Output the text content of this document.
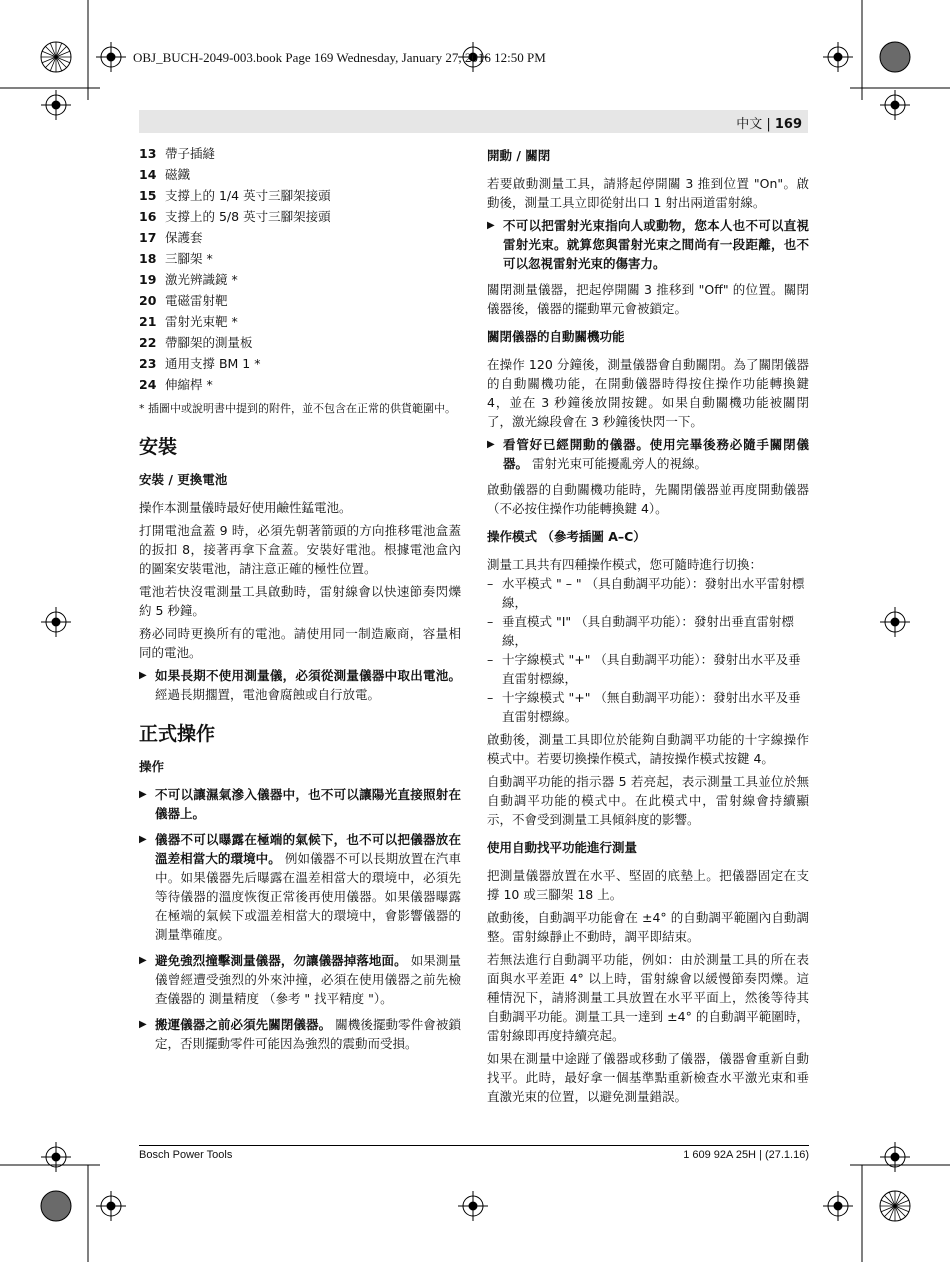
OBJ_BUCH-2049-003.book Page 169 Wednesday, January 27, 2016 12:50 PM
中文 | 169
13 帶子插縫
14 磁鐵
15 支撐上的 1/4 英寸三腳架接頭
16 支撐上的 5/8 英寸三腳架接頭
17 保護套
18 三腳架 *
19 激光辨識鏡 *
20 電磁雷射靶
21 雷射光束靶 *
22 帶腳架的測量板
23 通用支撐 BM 1 *
24 伸縮桿 *
* 插圖中或說明書中提到的附件，並不包含在正常的供貨範圍中。
安裝
安裝 / 更換電池
操作本測量儀時最好使用鹼性錳電池。
打開電池盒蓋 9 時，必須先朝著箭頭的方向推移電池盒蓋的扳扣 8，接著再拿下盒蓋。安裝好電池。根據電池盒內的圖案安裝電池，請注意正確的極性位置。
電池若快沒電測量工具啟動時，雷射線會以快速節奏閃爍約 5 秒鐘。
務必同時更換所有的電池。請使用同一制造廠商，容量相同的電池。
▶ 如果長期不使用測量儀，必須從測量儀器中取出電池。 經過長期擱置，電池會腐蝕或自行放電。
正式操作
操作
▶ 不可以讓濕氣滲入儀器中，也不可以讓陽光直接照射在儀器上。
▶ 儀器不可以曝露在極端的氣候下，也不可以把儀器放在溫差相當大的環境中。 例如儀器不可以長期放置在汽車中。如果儀器先后曝露在溫差相當大的環境中，必須先等待儀器的溫度恢復正常後再使用儀器。如果儀器曝露在極端的氣候下或溫差相當大的環境中，會影響儀器的測量準確度。
▶ 避免強烈撞擊測量儀器，勿讓儀器掉落地面。 如果測量儀曾經遭受強烈的外來沖撞，必須在使用儀器之前先檢查儀器的 測量精度 （參考 " 找平精度 "）。
▶ 搬運儀器之前必須先關閉儀器。 關機後擺動零件會被鎖定，否則擺動零件可能因為強烈的震動而受損。
開動 / 關閉
若要啟動測量工具，請將起停開關 3 推到位置 "On"。啟動後，測量工具立即從射出口 1 射出兩道雷射線。
▶ 不可以把雷射光束指向人或動物，您本人也不可以直視雷射光束。就算您與雷射光束之間尚有一段距離，也不可以忽視雷射光束的傷害力。
關閉測量儀器，把起停開關 3 推移到 "Off" 的位置。關閉儀器後，儀器的擺動單元會被鎖定。
關閉儀器的自動關機功能
在操作 120 分鐘後，測量儀器會自動關閉。為了關閉儀器的自動關機功能，在開動儀器時得按住操作功能轉換鍵 4，並在 3 秒鐘後放開按鍵。如果自動關機功能被關閉了，激光線段會在 3 秒鐘後快閃一下。
▶ 看管好已經開動的儀器。使用完畢後務必隨手關閉儀器。 雷射光束可能擾亂旁人的視線。
啟動儀器的自動關機功能時，先關閉儀器並再度開動儀器 （不必按住操作功能轉換鍵 4）。
操作模式 （參考插圖 A–C）
測量工具共有四種操作模式，您可隨時進行切換：
– 水平模式 " – " （具自動調平功能）：發射出水平雷射標線，
– 垂直模式 "I" （具自動調平功能）：發射出垂直雷射標線，
– 十字線模式 "+" （具自動調平功能）：發射出水平及垂直雷射標線，
– 十字線模式 "+" （無自動調平功能）：發射出水平及垂直雷射標線。
啟動後，測量工具即位於能夠自動調平功能的十字線操作模式中。若要切換操作模式，請按操作模式按鍵 4。
自動調平功能的指示器 5 若亮起，表示測量工具並位於無自動調平功能的模式中。在此模式中，雷射線會持續顯示，不會受到測量工具傾斜度的影響。
使用自動找平功能進行測量
把測量儀器放置在水平、堅固的底墊上。把儀器固定在支撐 10 或三腳架 18 上。
啟動後，自動調平功能會在 ±4° 的自動調平範圍內自動調整。雷射線靜止不動時，調平即結束。
若無法進行自動調平功能，例如：由於測量工具的所在表面與水平差距 4° 以上時，雷射線會以緩慢節奏閃爍。這種情況下，請將測量工具放置在水平平面上，然後等待其自動調平功能。測量工具一達到 ±4° 的自動調平範圍時，雷射線即再度持續亮起。
如果在測量中途踫了儀器或移動了儀器，儀器會重新自動找平。此時，最好拿一個基準點重新檢查水平激光束和垂直激光束的位置，以避免測量錯誤。
Bosch Power Tools	1 609 92A 25H | (27.1.16)
